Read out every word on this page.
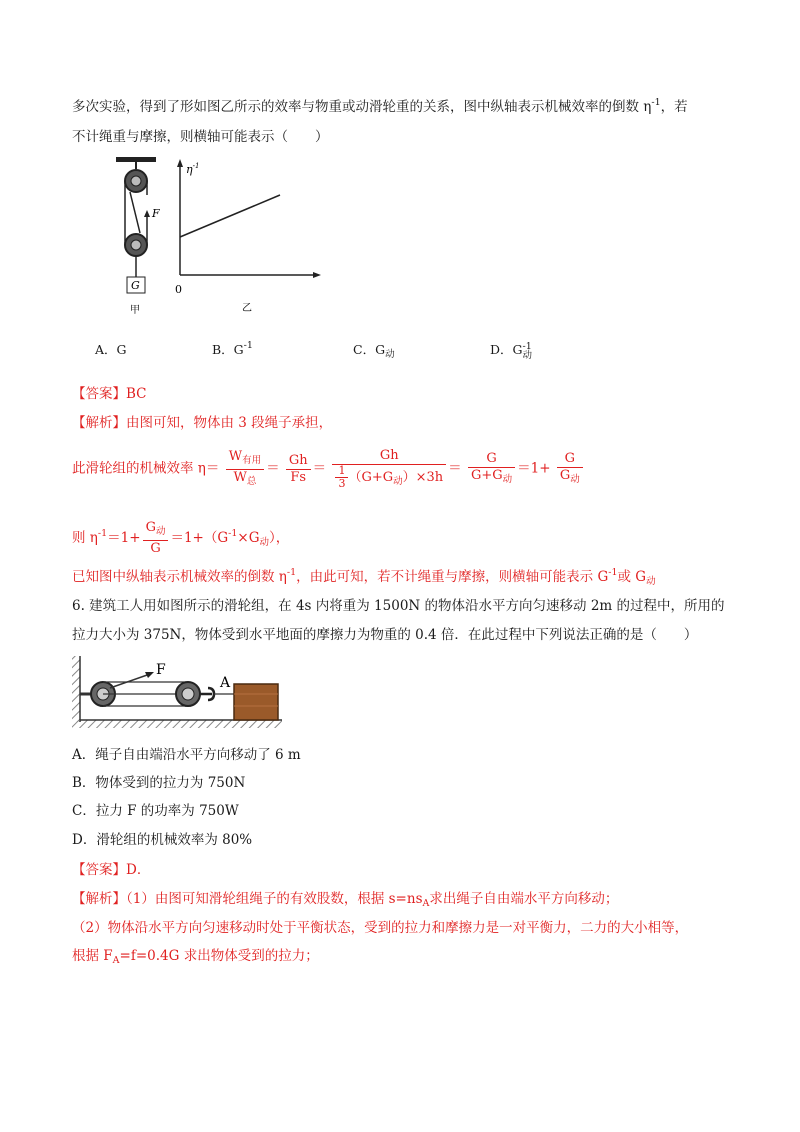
多次实验，得到了形如图乙所示的效率与物重或动滑轮重的关系，图中纵轴表示机械效率的倒数 $\eta^{-1}$，若
不计绳重与摩擦，则横轴可能表示（　　）
F
G
甲
$\eta^{-1}$
0
乙
A．G	B．$G^{-1}$	C．$G_动$	D．G -1
动
【答案】BC
【解析】由图可知，物体由 3 段绳子承担，
此滑轮组的机械效率 $\eta= \frac{W_{有用}}{W_总} = \frac{Gh}{Fs} = \frac{Gh}{\frac{1}{3} (G+G_动)\times 3h} = \frac{G}{G+G_动} =1+ \frac{G}{G_动}$
则 $\eta^{-1}=1+ \frac{G_动}{G} =1+(G^{-1}\times G_动)$，
已知图中纵轴表示机械效率的倒数 $\eta^{-1}$，由此可知，若不计绳重与摩擦，则横轴可能表示 $G^{-1}$或 $G_动$
6. 建筑工人用如图所示的滑轮组，在 4s 内将重为 1500N 的物体沿水平方向匀速移动 2m 的过程中，所用的
拉力大小为 375N，物体受到水平地面的摩擦力为物重的 0.4 倍．在此过程中下列说法正确的是（　　）
F
A
A．绳子自由端沿水平方向移动了 6 m
B．物体受到的拉力为 750N
C．拉力 F 的功率为 750W
D．滑轮组的机械效率为 80%
【答案】D．
【解析】（1）由图可知滑轮组绳子的有效股数，根据 $s=ns_A$求出绳子自由端水平方向移动；
（2）物体沿水平方向匀速移动时处于平衡状态，受到的拉力和摩擦力是一对平衡力，二力的大小相等，
根据 $F_A=f=0.4G$ 求出物体受到的拉力；
